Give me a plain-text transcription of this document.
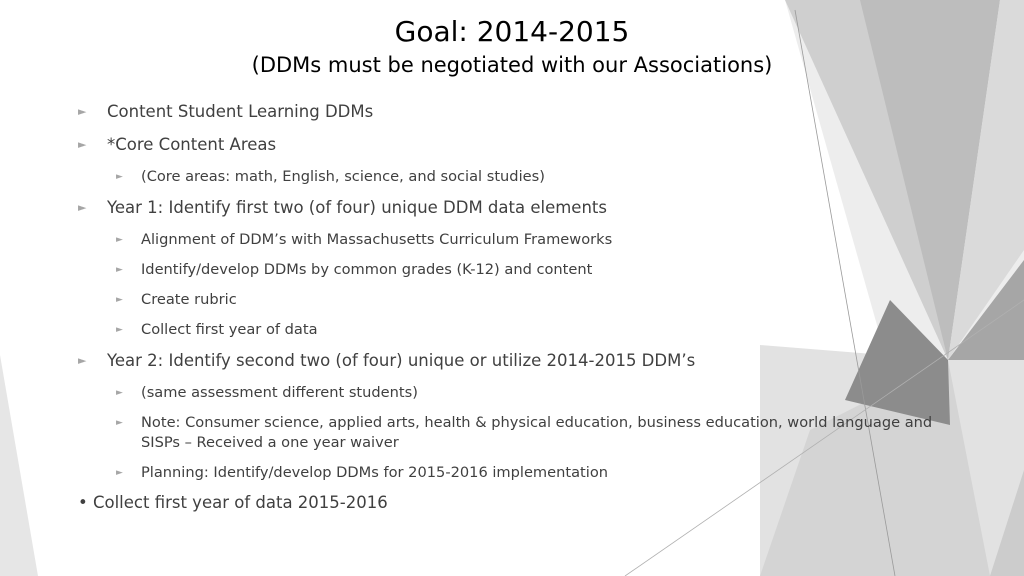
Goal: 2014-2015
(DDMs must be negotiated with our Associations)
► Content Student Learning DDMs
► *Core Content Areas
► (Core areas: math, English, science, and social studies)
► Year 1: Identify first two (of four) unique DDM data elements
► Alignment of DDM’s with Massachusetts Curriculum Frameworks
► Identify/develop DDMs by common grades (K-12) and content
► Create rubric
► Collect first year of data
► Year 2: Identify second two (of four) unique or utilize 2014-2015 DDM’s
► (same assessment different students)
► Note: Consumer science, applied arts, health & physical education, business education, world language and SISPs – Received a one year waiver
► Planning: Identify/develop DDMs for 2015-2016 implementation
• Collect first year of data 2015-2016
